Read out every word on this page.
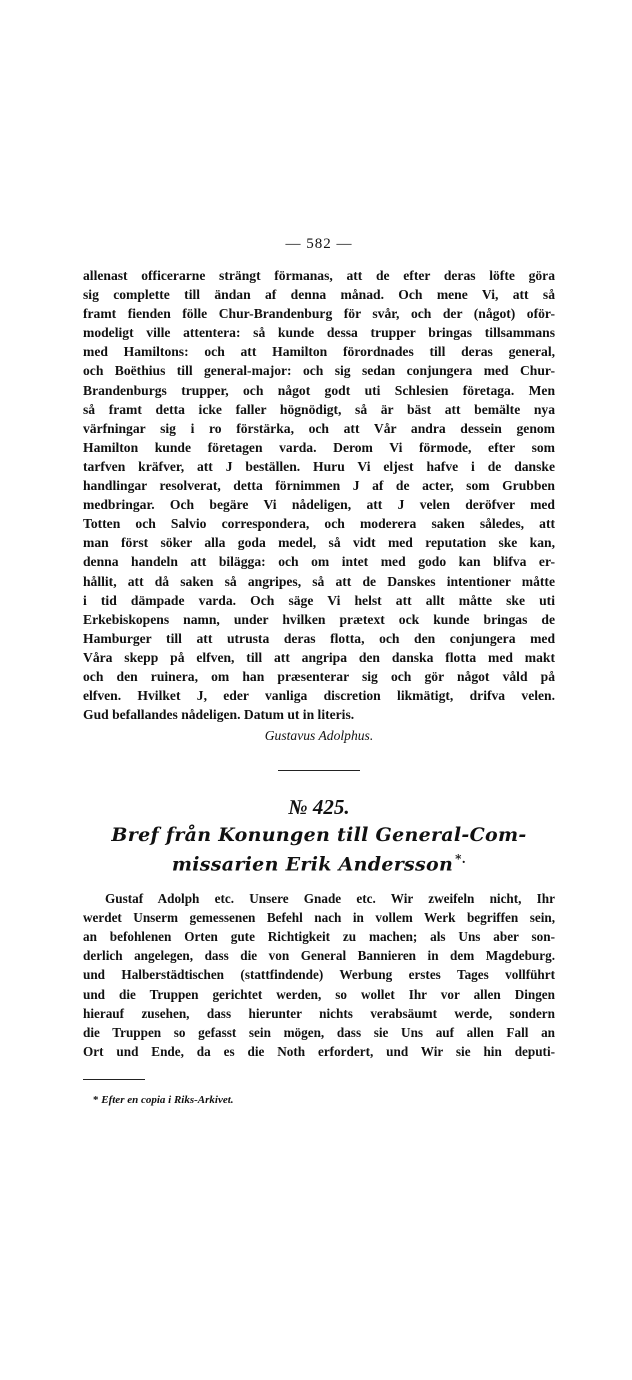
— 582 —

allenast officerarne strängt förmanas, att de efter deras löfte göra
sig complette till ändan af denna månad. Och mene Vi, att så
framt fienden fölle Chur-Brandenburg för svår, och der (något) oför-
modeligt ville attentera: så kunde dessa trupper bringas tillsammans
med Hamiltons: och att Hamilton förordnades till deras general,
och Boëthius till general-major: och sig sedan conjungera med Chur-
Brandenburgs trupper, och något godt uti Schlesien företaga. Men
så framt detta icke faller högnödigt, så är bäst att bemälte nya
värfningar sig i ro förstärka, och att Vår andra dessein genom
Hamilton kunde företagen varda. Derom Vi förmode, efter som
tarfven kräfver, att J beställen. Huru Vi eljest hafve i de danske
handlingar resolverat, detta förnimmen J af de acter, som Grubben
medbringar. Och begäre Vi nådeligen, att J velen deröfver med
Totten och Salvio correspondera, och moderera saken således, att
man först söker alla goda medel, så vidt med reputation ske kan,
denna handeln att bilägga: och om intet med godo kan blifva er-
hållit, att då saken så angripes, så att de Danskes intentioner måtte
i tid dämpade varda. Och säge Vi helst att allt måtte ske uti
Erkebiskopens namn, under hvilken prætext ock kunde bringas de
Hamburger till att utrusta deras flotta, och den conjungera med
Våra skepp på elfven, till att angripa den danska flotta med makt
och den ruinera, om han præsenterar sig och gör något våld på
elfven. Hvilket J, eder vanliga discretion likmätigt, drifva velen.
Gud befallandes nådeligen. Datum ut in literis.

Gustavus Adolphus.
№ 425.
Bref från Konungen till General-Com-
missarien Erik Andersson *.

Gustaf Adolph etc. Unsere Gnade etc. Wir zweifeln nicht, Ihr
werdet Unserm gemessenen Befehl nach in vollem Werk begriffen sein,
an befohlenen Orten gute Richtigkeit zu machen; als Uns aber son-
derlich angelegen, dass die von General Bannieren in dem Magdeburg.
und Halberstädtischen (stattfindende) Werbung erstes Tages vollführt
und die Truppen gerichtet werden, so wollet Ihr vor allen Dingen
hierauf zusehen, dass hierunter nichts verabsäumt werde, sondern
die Truppen so gefasst sein mögen, dass sie Uns auf allen Fall an
Ort und Ende, da es die Noth erfordert, und Wir sie hin deputi-

* Efter en copia i Riks-Arkivet.
